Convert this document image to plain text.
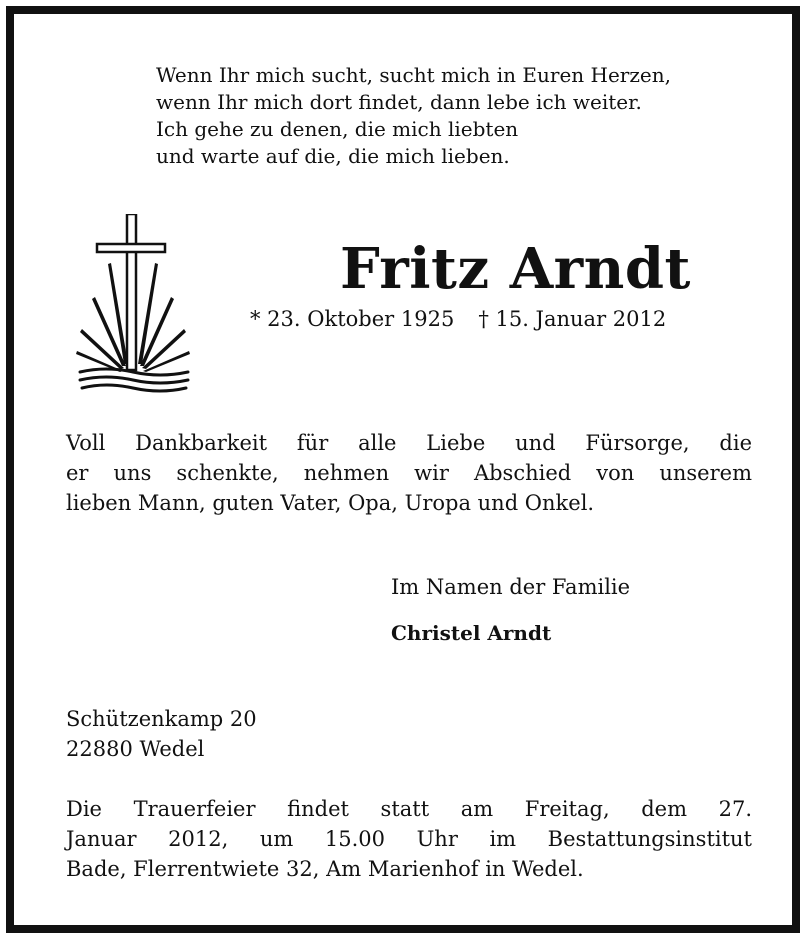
Wenn Ihr mich sucht, sucht mich in Euren Herzen,
wenn Ihr mich dort findet, dann lebe ich weiter.
Ich gehe zu denen, die mich liebten
und warte auf die, die mich lieben.
Fritz Arndt
* 23. Oktober 1925 † 15. Januar 2012
Voll Dankbarkeit für alle Liebe und Fürsorge, die
er uns schenkte, nehmen wir Abschied von unserem
lieben Mann, guten Vater, Opa, Uropa und Onkel.
Im Namen der Familie
Christel Arndt
Schützenkamp 20
22880 Wedel
Die Trauerfeier findet statt am Freitag, dem 27.
Januar 2012, um 15.00 Uhr im Bestattungsinstitut
Bade, Flerrentwiete 32, Am Marienhof in Wedel.
